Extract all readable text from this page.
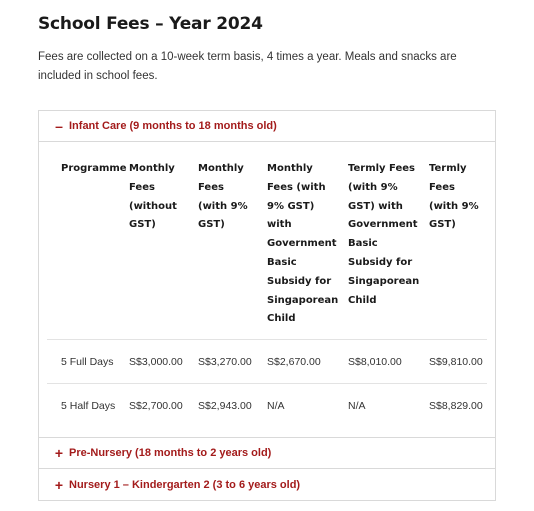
School Fees – Year 2024

Fees are collected on a 10-week term basis, 4 times a year. Meals and snacks are included in school fees.

– Infant Care (9 months to 18 months old)
Programme	Monthly Fees (without GST)	Monthly Fees (with 9% GST)	Monthly Fees (with 9% GST) with Government Basic Subsidy for Singaporean Child	Termly Fees (with 9% GST) with Government Basic Subsidy for Singaporean Child	Termly Fees (with 9% GST)
5 Full Days	S$3,000.00	S$3,270.00	S$2,670.00	S$8,010.00	S$9,810.00
5 Half Days	S$2,700.00	S$2,943.00	N/A	N/A	S$8,829.00
+ Pre-Nursery (18 months to 2 years old)
+ Nursery 1 – Kindergarten 2 (3 to 6 years old)
